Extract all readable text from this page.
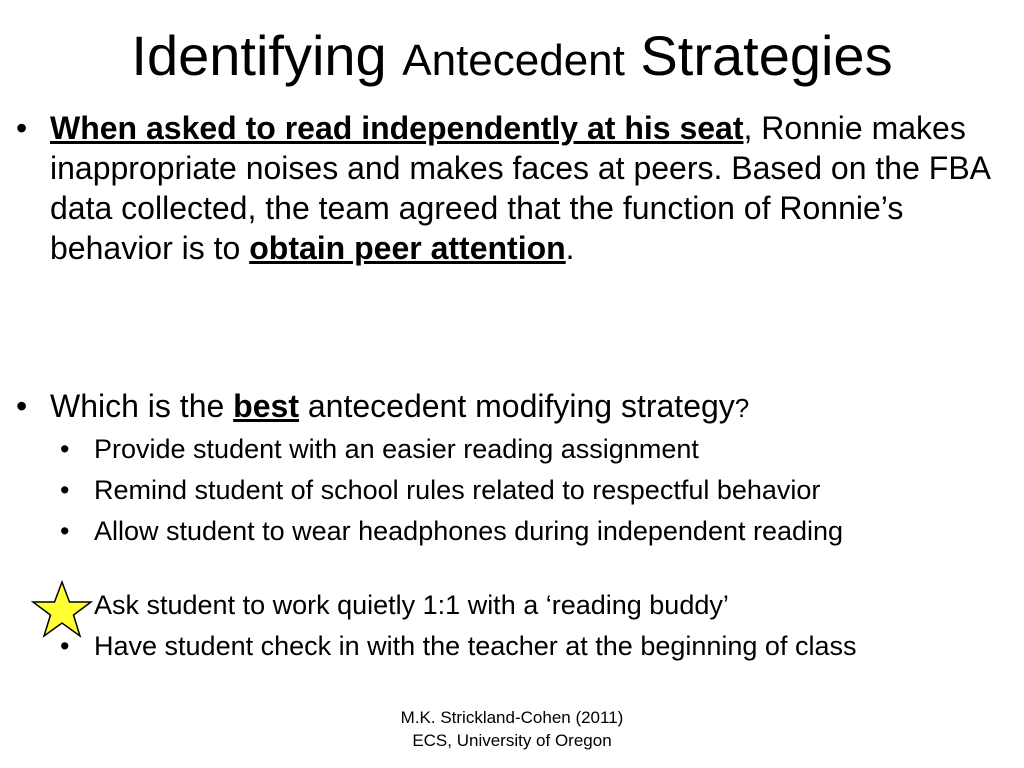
Identifying Antecedent Strategies
• When asked to read independently at his seat, Ronnie makes inappropriate noises and makes faces at peers. Based on the FBA data collected, the team agreed that the function of Ronnie’s behavior is to obtain peer attention.
• Which is the best antecedent modifying strategy?
• Provide student with an easier reading assignment
• Remind student of school rules related to respectful behavior
• Allow student to wear headphones during independent reading
Ask student to work quietly 1:1 with a ‘reading buddy’
• Have student check in with the teacher at the beginning of class
M.K. Strickland-Cohen (2011)
ECS, University of Oregon
